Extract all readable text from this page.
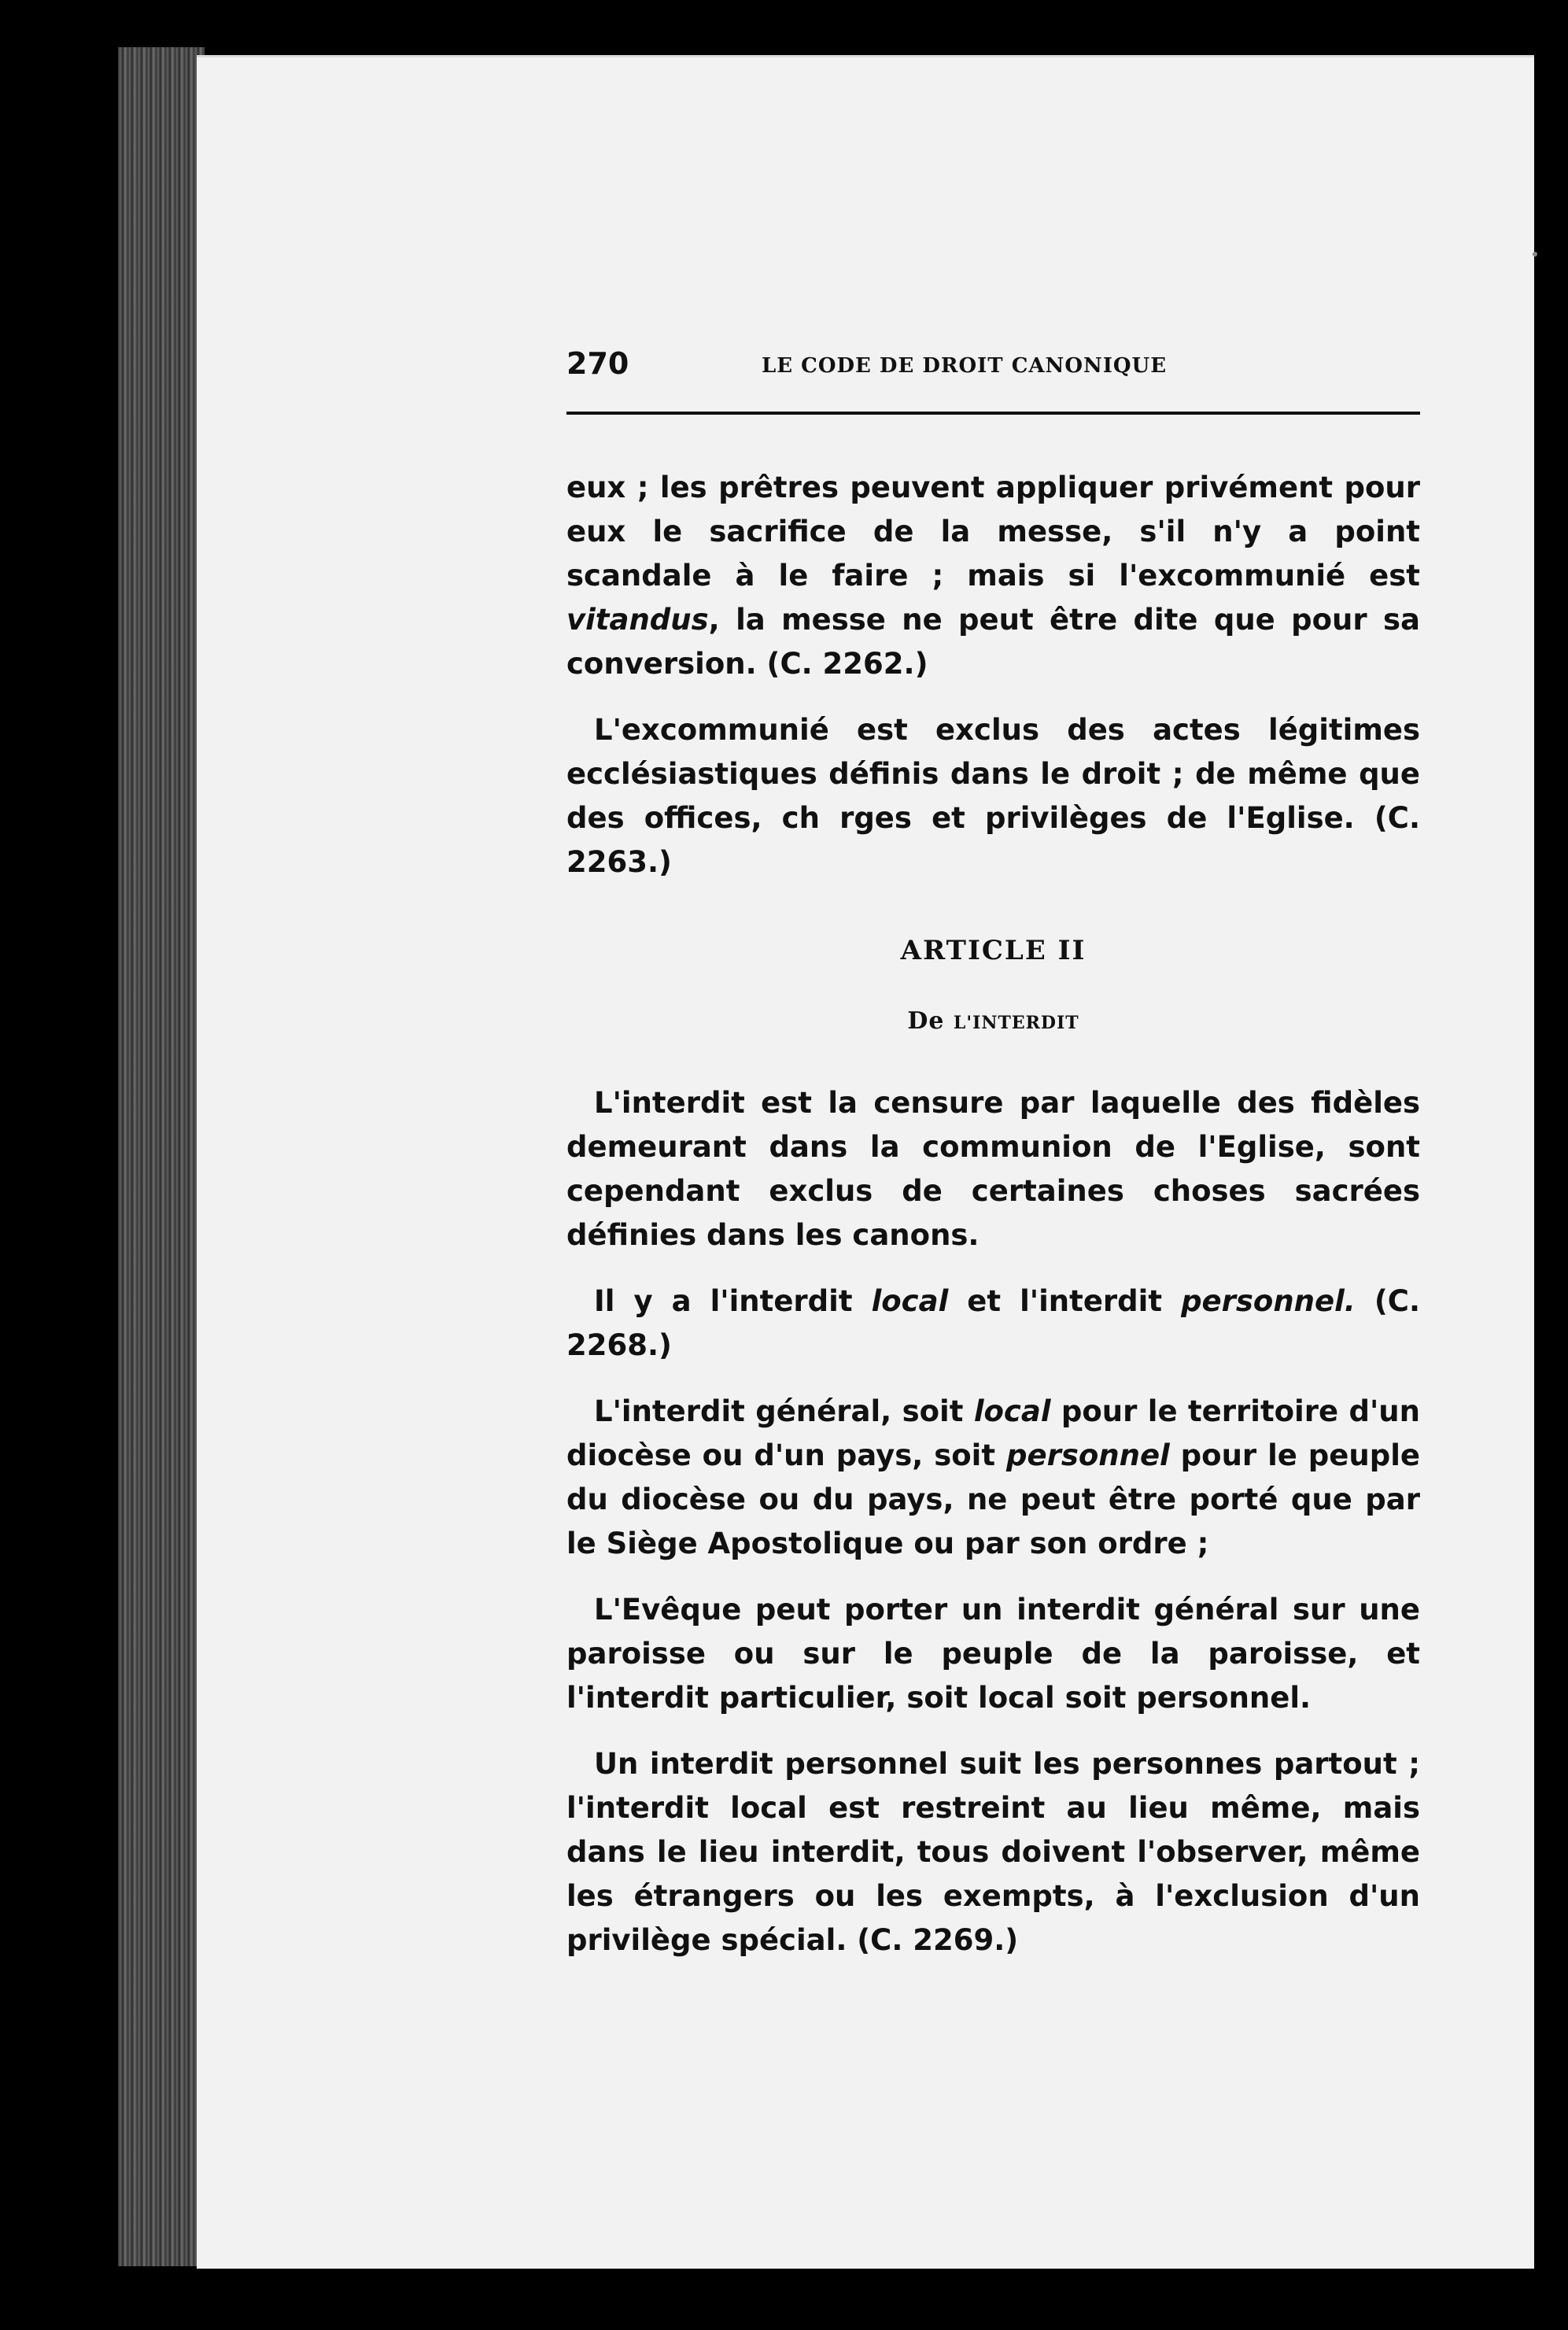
270	LE CODE DE DROIT CANONIQUE

eux ; les prêtres peuvent appliquer privément pour eux le sacrifice de la messe, s'il n'y a point scandale à le faire ; mais si l'excommunié est vitandus, la messe ne peut être dite que pour sa conversion. (C. 2262.)

L'excommunié est exclus des actes légitimes ecclésiastiques définis dans le droit ; de même que des offices, ch rges et privilèges de l'Eglise. (C. 2263.)

ARTICLE II

De L'INTERDIT

L'interdit est la censure par laquelle des fidèles demeurant dans la communion de l'Eglise, sont cependant exclus de certaines choses sacrées définies dans les canons.

Il y a l'interdit local et l'interdit personnel. (C. 2268.)

L'interdit général, soit local pour le territoire d'un diocèse ou d'un pays, soit personnel pour le peuple du diocèse ou du pays, ne peut être porté que par le Siège Apostolique ou par son ordre ;

L'Evêque peut porter un interdit général sur une paroisse ou sur le peuple de la paroisse, et l'interdit particulier, soit local soit personnel.

Un interdit personnel suit les personnes partout ; l'interdit local est restreint au lieu même, mais dans le lieu interdit, tous doivent l'observer, même les étrangers ou les exempts, à l'exclusion d'un privilège spécial. (C. 2269.)
